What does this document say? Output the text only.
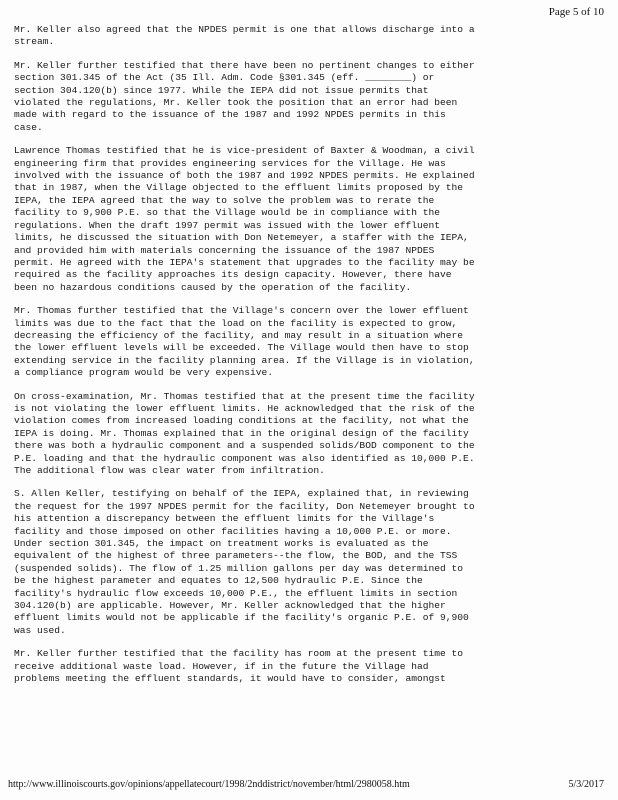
Page 5 of 10
Mr. Keller also agreed that the NPDES permit is one that allows discharge into a
stream.
Mr. Keller further testified that there have been no pertinent changes to either
section 301.345 of the Act (35 Ill. Adm. Code §301.345 (eff. ________) or
section 304.120(b) since 1977. While the IEPA did not issue permits that
violated the regulations, Mr. Keller took the position that an error had been
made with regard to the issuance of the 1987 and 1992 NPDES permits in this
case.
Lawrence Thomas testified that he is vice-president of Baxter & Woodman, a civil
engineering firm that provides engineering services for the Village. He was
involved with the issuance of both the 1987 and 1992 NPDES permits. He explained
that in 1987, when the Village objected to the effluent limits proposed by the
IEPA, the IEPA agreed that the way to solve the problem was to rerate the
facility to 9,900 P.E. so that the Village would be in compliance with the
regulations. When the draft 1997 permit was issued with the lower effluent
limits, he discussed the situation with Don Netemeyer, a staffer with the IEPA,
and provided him with materials concerning the issuance of the 1987 NPDES
permit. He agreed with the IEPA's statement that upgrades to the facility may be
required as the facility approaches its design capacity. However, there have
been no hazardous conditions caused by the operation of the facility.
Mr. Thomas further testified that the Village's concern over the lower effluent
limits was due to the fact that the load on the facility is expected to grow,
decreasing the efficiency of the facility, and may result in a situation where
the lower effluent levels will be exceeded. The Village would then have to stop
extending service in the facility planning area. If the Village is in violation,
a compliance program would be very expensive.
On cross-examination, Mr. Thomas testified that at the present time the facility
is not violating the lower effluent limits. He acknowledged that the risk of the
violation comes from increased loading conditions at the facility, not what the
IEPA is doing. Mr. Thomas explained that in the original design of the facility
there was both a hydraulic component and a suspended solids/BOD component to the
P.E. loading and that the hydraulic component was also identified as 10,000 P.E.
The additional flow was clear water from infiltration.
S. Allen Keller, testifying on behalf of the IEPA, explained that, in reviewing
the request for the 1997 NPDES permit for the facility, Don Netemeyer brought to
his attention a discrepancy between the effluent limits for the Village's
facility and those imposed on other facilities having a 10,000 P.E. or more.
Under section 301.345, the impact on treatment works is evaluated as the
equivalent of the highest of three parameters--the flow, the BOD, and the TSS
(suspended solids). The flow of 1.25 million gallons per day was determined to
be the highest parameter and equates to 12,500 hydraulic P.E. Since the
facility's hydraulic flow exceeds 10,000 P.E., the effluent limits in section
304.120(b) are applicable. However, Mr. Keller acknowledged that the higher
effluent limits would not be applicable if the facility's organic P.E. of 9,900
was used.
Mr. Keller further testified that the facility has room at the present time to
receive additional waste load. However, if in the future the Village had
problems meeting the effluent standards, it would have to consider, amongst
http://www.illinoiscourts.gov/opinions/appellatecourt/1998/2nddistrict/november/html/2980058.htm	5/3/2017
